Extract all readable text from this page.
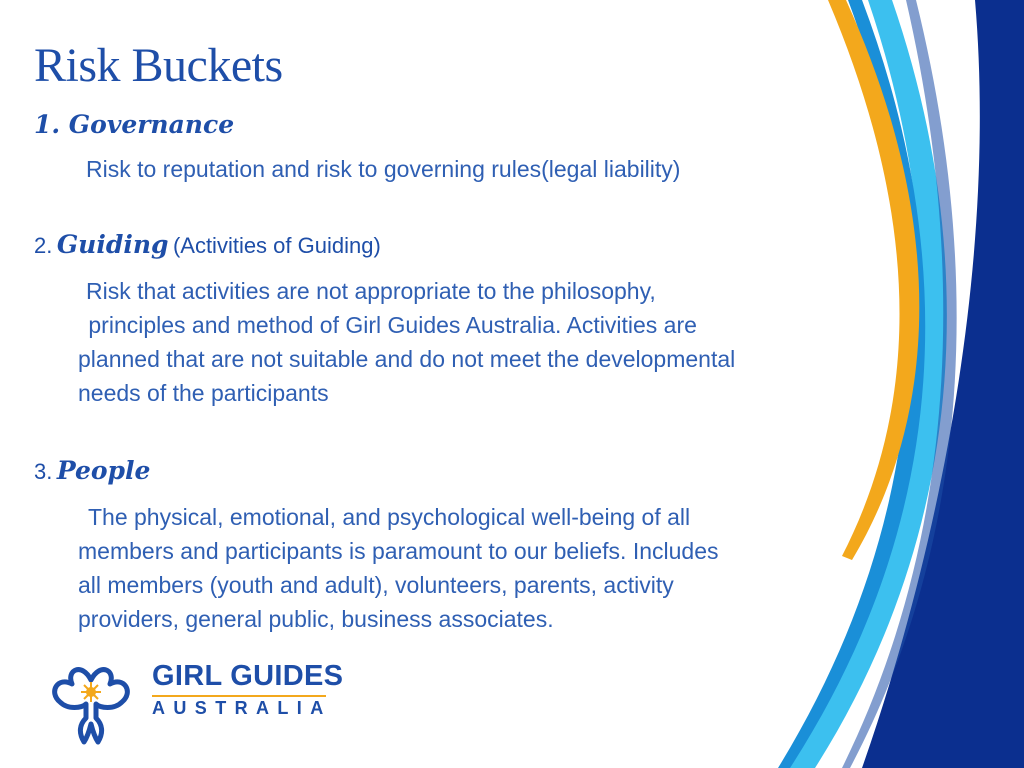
Risk Buckets
1. Governance
Risk to reputation and risk to governing rules(legal liability)
2. Guiding (Activities of Guiding)
Risk that activities are not appropriate to the philosophy,
principles and method of Girl Guides Australia. Activities are
planned that are not suitable and do not meet the developmental
needs of the participants
3. People
The physical, emotional, and psychological well-being of all
members and participants is paramount to our beliefs. Includes
all members (youth and adult), volunteers, parents, activity
providers, general public, business associates.
GIRL GUIDES
AUSTRALIA
